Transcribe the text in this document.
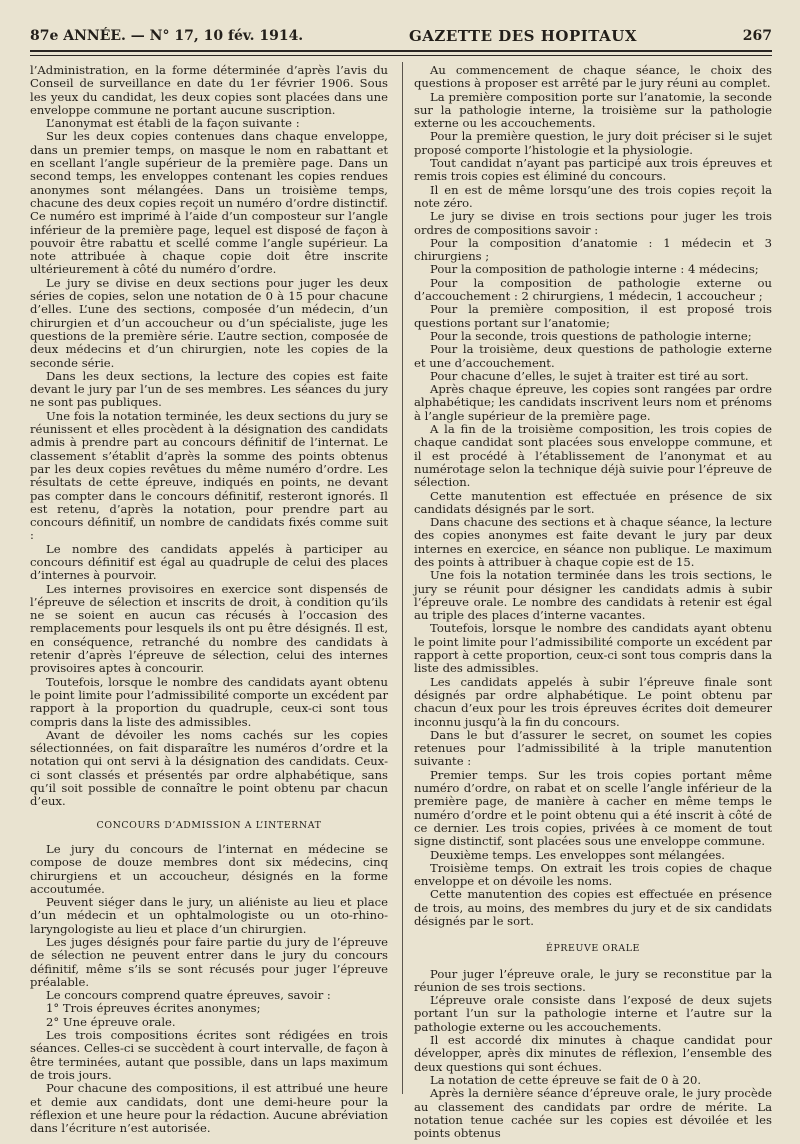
87e ANNÉE. — N° 17, 10 fév. 1914.	GAZETTE DES HOPITAUX	267

l’Administration, en la forme déterminée d’après l’avis du Conseil de surveillance en date du 1er février 1906. Sous les yeux du candidat, les deux copies sont placées dans une enveloppe commune ne portant aucune suscription.

L’anonymat est établi de la façon suivante :

Sur les deux copies contenues dans chaque enveloppe, dans un premier temps, on masque le nom en rabattant et en scellant l’angle supérieur de la première page. Dans un second temps, les enveloppes contenant les copies rendues anonymes sont mélangées. Dans un troisième temps, chacune des deux copies reçoit un numéro d’ordre distinctif. Ce numéro est imprimé à l’aide d’un composteur sur l’angle inférieur de la première page, lequel est disposé de façon à pouvoir être rabattu et scellé comme l’angle supérieur. La note attribuée à chaque copie doit être inscrite ultérieurement à côté du numéro d’ordre.

Le jury se divise en deux sections pour juger les deux séries de copies, selon une notation de 0 à 15 pour chacune d’elles. L’une des sections, composée d’un médecin, d’un chirurgien et d’un accoucheur ou d’un spécialiste, juge les questions de la première série. L’autre section, composée de deux médecins et d’un chirurgien, note les copies de la seconde série.

Dans les deux sections, la lecture des copies est faite devant le jury par l’un de ses membres. Les séances du jury ne sont pas publiques.

Une fois la notation terminée, les deux sections du jury se réunissent et elles procèdent à la désignation des candidats admis à prendre part au concours définitif de l’internat. Le classement s’établit d’après la somme des points obtenus par les deux copies revêtues du même numéro d’ordre. Les résultats de cette épreuve, indiqués en points, ne devant pas compter dans le concours définitif, resteront ignorés. Il est retenu, d’après la notation, pour prendre part au concours définitif, un nombre de candidats fixés comme suit :

Le nombre des candidats appelés à participer au concours définitif est égal au quadruple de celui des places d’internes à pourvoir.

Les internes provisoires en exercice sont dispensés de l’épreuve de sélection et inscrits de droit, à condition qu’ils ne se soient en aucun cas récusés à l’occasion des remplacements pour lesquels ils ont pu être désignés. Il est, en conséquence, retranché du nombre des candidats à retenir d’après l’épreuve de sélection, celui des internes provisoires aptes à concourir.

Toutefois, lorsque le nombre des candidats ayant obtenu le point limite pour l’admissibilité comporte un excédent par rapport à la proportion du quadruple, ceux-ci sont tous compris dans la liste des admissibles.

Avant de dévoiler les noms cachés sur les copies sélectionnées, on fait disparaître les numéros d’ordre et la notation qui ont servi à la désignation des candidats. Ceux-ci sont classés et présentés par ordre alphabétique, sans qu’il soit possible de connaître le point obtenu par chacun d’eux.

CONCOURS D’ADMISSION A L’INTERNAT

Le jury du concours de l’internat en médecine se compose de douze membres dont six médecins, cinq chirurgiens et un accoucheur, désignés en la forme accoutumée.

Peuvent siéger dans le jury, un aliéniste au lieu et place d’un médecin et un ophtalmologiste ou un oto-rhino-laryngologiste au lieu et place d’un chirurgien.

Les juges désignés pour faire partie du jury de l’épreuve de sélection ne peuvent entrer dans le jury du concours définitif, même s’ils se sont récusés pour juger l’épreuve préalable.

Le concours comprend quatre épreuves, savoir :

1° Trois épreuves écrites anonymes;

2° Une épreuve orale.

Les trois compositions écrites sont rédigées en trois séances. Celles-ci se succèdent à court intervalle, de façon à être terminées, autant que possible, dans un laps maximum de trois jours.

Pour chacune des compositions, il est attribué une heure et demie aux candidats, dont une demi-heure pour la réflexion et une heure pour la rédaction. Aucune abréviation dans l’écriture n’est autorisée.

Au commencement de chaque séance, le choix des questions à proposer est arrêté par le jury réuni au complet.

La première composition porte sur l’anatomie, la seconde sur la pathologie interne, la troisième sur la pathologie externe ou les accouchements.

Pour la première question, le jury doit préciser si le sujet proposé comporte l’histologie et la physiologie.

Tout candidat n’ayant pas participé aux trois épreuves et remis trois copies est éliminé du concours.

Il en est de même lorsqu’une des trois copies reçoit la note zéro.

Le jury se divise en trois sections pour juger les trois ordres de compositions savoir :

Pour la composition d’anatomie : 1 médecin et 3 chirurgiens ;

Pour la composition de pathologie interne : 4 médecins;

Pour la composition de pathologie externe ou d’accouchement : 2 chirurgiens, 1 médecin, 1 accoucheur ;

Pour la première composition, il est proposé trois questions portant sur l’anatomie;

Pour la seconde, trois questions de pathologie interne;

Pour la troisième, deux questions de pathologie externe et une d’accouchement.

Pour chacune d’elles, le sujet à traiter est tiré au sort.

Après chaque épreuve, les copies sont rangées par ordre alphabétique; les candidats inscrivent leurs nom et prénoms à l’angle supérieur de la première page.

A la fin de la troisième composition, les trois copies de chaque candidat sont placées sous enveloppe commune, et il est procédé à l’établissement de l’anonymat et au numérotage selon la technique déjà suivie pour l’épreuve de sélection.

Cette manutention est effectuée en présence de six candidats désignés par le sort.

Dans chacune des sections et à chaque séance, la lecture des copies anonymes est faite devant le jury par deux internes en exercice, en séance non publique. Le maximum des points à attribuer à chaque copie est de 15.

Une fois la notation terminée dans les trois sections, le jury se réunit pour désigner les candidats admis à subir l’épreuve orale. Le nombre des candidats à retenir est égal au triple des places d’interne vacantes.

Toutefois, lorsque le nombre des candidats ayant obtenu le point limite pour l’admissibilité comporte un excédent par rapport à cette proportion, ceux-ci sont tous compris dans la liste des admissibles.

Les candidats appelés à subir l’épreuve finale sont désignés par ordre alphabétique. Le point obtenu par chacun d’eux pour les trois épreuves écrites doit demeurer inconnu jusqu’à la fin du concours.

Dans le but d’assurer le secret, on soumet les copies retenues pour l’admissibilité à la triple manutention suivante :

Premier temps. Sur les trois copies portant même numéro d’ordre, on rabat et on scelle l’angle inférieur de la première page, de manière à cacher en même temps le numéro d’ordre et le point obtenu qui a été inscrit à côté de ce dernier. Les trois copies, privées à ce moment de tout signe distinctif, sont placées sous une enveloppe commune.

Deuxième temps. Les enveloppes sont mélangées.

Troisième temps. On extrait les trois copies de chaque enveloppe et on dévoile les noms.

Cette manutention des copies est effectuée en présence de trois, au moins, des membres du jury et de six candidats désignés par le sort.

ÉPREUVE ORALE

Pour juger l’épreuve orale, le jury se reconstitue par la réunion de ses trois sections.

L’épreuve orale consiste dans l’exposé de deux sujets portant l’un sur la pathologie interne et l’autre sur la pathologie externe ou les accouchements.

Il est accordé dix minutes à chaque candidat pour développer, après dix minutes de réflexion, l’ensemble des deux questions qui sont échues.

La notation de cette épreuve se fait de 0 à 20.

Après la dernière séance d’épreuve orale, le jury procède au classement des candidats par ordre de mérite. La notation tenue cachée sur les copies est dévoilée et les points obtenus
